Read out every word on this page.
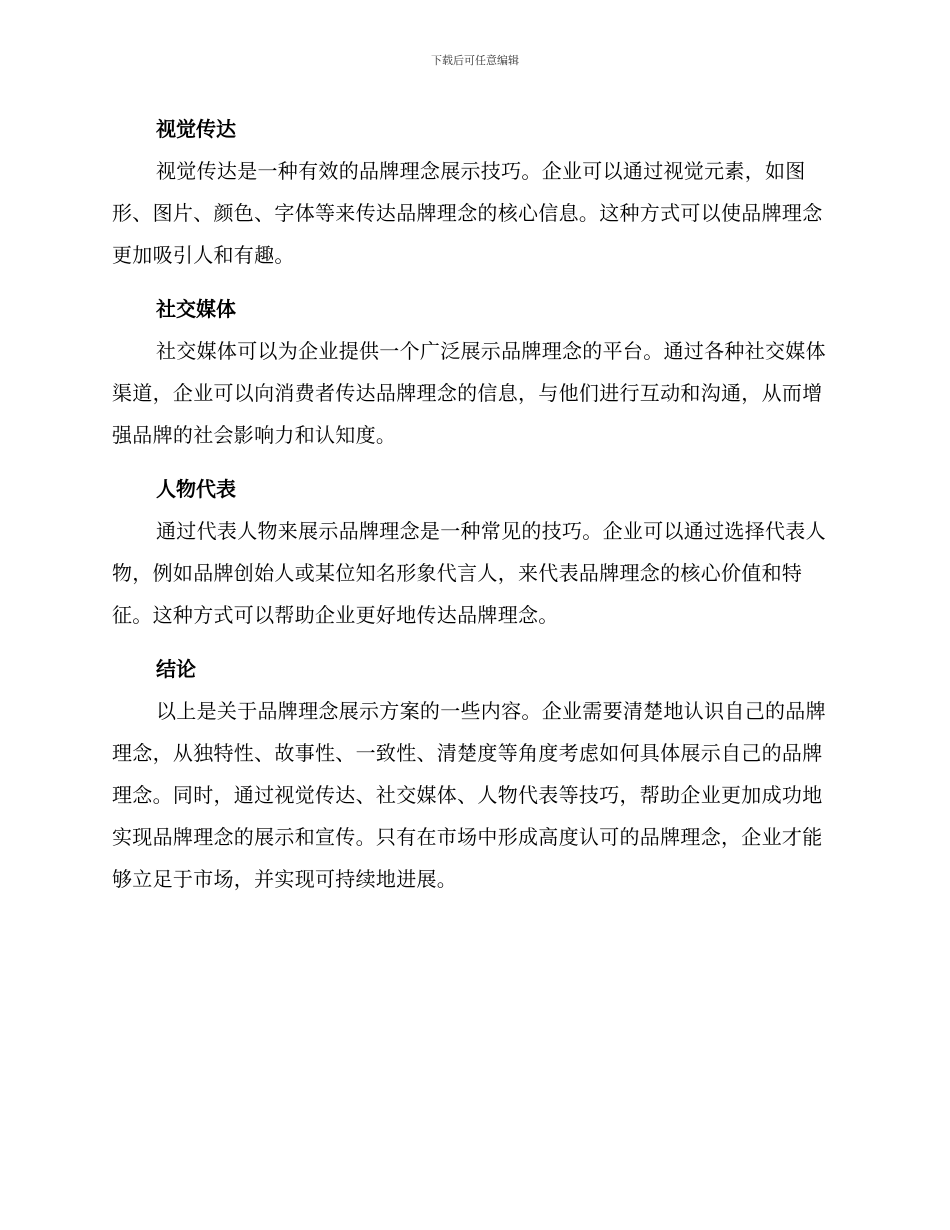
下载后可任意编辑
视觉传达

视觉传达是一种有效的品牌理念展示技巧。企业可以通过视觉元素，如图形、图片、颜色、字体等来传达品牌理念的核心信息。这种方式可以使品牌理念更加吸引人和有趣。

社交媒体

社交媒体可以为企业提供一个广泛展示品牌理念的平台。通过各种社交媒体渠道，企业可以向消费者传达品牌理念的信息，与他们进行互动和沟通，从而增强品牌的社会影响力和认知度。

人物代表

通过代表人物来展示品牌理念是一种常见的技巧。企业可以通过选择代表人物，例如品牌创始人或某位知名形象代言人，来代表品牌理念的核心价值和特征。这种方式可以帮助企业更好地传达品牌理念。

结论

以上是关于品牌理念展示方案的一些内容。企业需要清楚地认识自己的品牌理念，从独特性、故事性、一致性、清楚度等角度考虑如何具体展示自己的品牌理念。同时，通过视觉传达、社交媒体、人物代表等技巧，帮助企业更加成功地实现品牌理念的展示和宣传。只有在市场中形成高度认可的品牌理念，企业才能够立足于市场，并实现可持续地进展。
